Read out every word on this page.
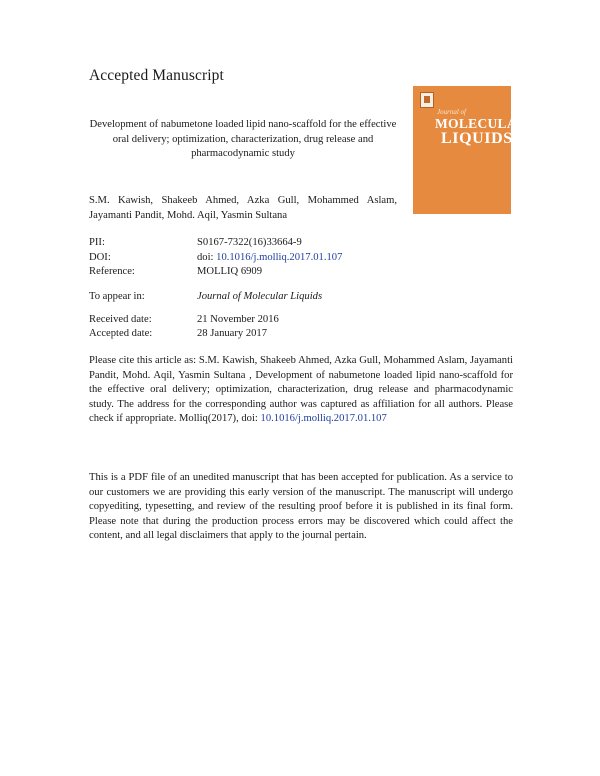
Accepted Manuscript
Development of nabumetone loaded lipid nano-scaffold for the effective oral delivery; optimization, characterization, drug release and pharmacodynamic study
S.M. Kawish, Shakeeb Ahmed, Azka Gull, Mohammed Aslam, Jayamanti Pandit, Mohd. Aqil, Yasmin Sultana
Journal of
MOLECULAR
LIQUIDS
PII:	S0167-7322(16)33664-9
DOI:	doi: 10.1016/j.molliq.2017.01.107
Reference:	MOLLIQ 6909
To appear in:	Journal of Molecular Liquids
Received date:	21 November 2016
Accepted date:	28 January 2017
Please cite this article as: S.M. Kawish, Shakeeb Ahmed, Azka Gull, Mohammed Aslam, Jayamanti Pandit, Mohd. Aqil, Yasmin Sultana , Development of nabumetone loaded lipid nano-scaffold for the effective oral delivery; optimization, characterization, drug release and pharmacodynamic study. The address for the corresponding author was captured as affiliation for all authors. Please check if appropriate. Molliq(2017), doi: 10.1016/j.molliq.2017.01.107
This is a PDF file of an unedited manuscript that has been accepted for publication. As a service to our customers we are providing this early version of the manuscript. The manuscript will undergo copyediting, typesetting, and review of the resulting proof before it is published in its final form. Please note that during the production process errors may be discovered which could affect the content, and all legal disclaimers that apply to the journal pertain.
